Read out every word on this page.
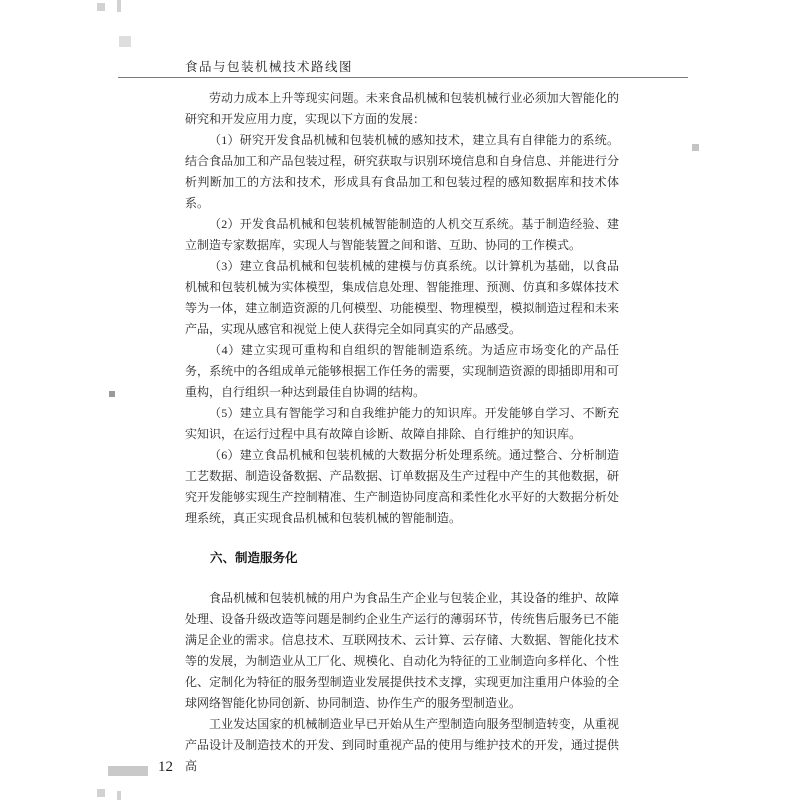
食品与包装机械技术路线图

劳动力成本上升等现实问题。未来食品机械和包装机械行业必须加大智能化的研究和开发应用力度，实现以下方面的发展：

（1）研究开发食品机械和包装机械的感知技术，建立具有自律能力的系统。结合食品加工和产品包装过程，研究获取与识别环境信息和自身信息、并能进行分析判断加工的方法和技术，形成具有食品加工和包装过程的感知数据库和技术体系。

（2）开发食品机械和包装机械智能制造的人机交互系统。基于制造经验、建立制造专家数据库，实现人与智能装置之间和谐、互助、协同的工作模式。

（3）建立食品机械和包装机械的建模与仿真系统。以计算机为基础，以食品机械和包装机械为实体模型，集成信息处理、智能推理、预测、仿真和多媒体技术等为一体，建立制造资源的几何模型、功能模型、物理模型，模拟制造过程和未来产品，实现从感官和视觉上使人获得完全如同真实的产品感受。

（4）建立实现可重构和自组织的智能制造系统。为适应市场变化的产品任务，系统中的各组成单元能够根据工作任务的需要，实现制造资源的即插即用和可重构，自行组织一种达到最佳自协调的结构。

（5）建立具有智能学习和自我维护能力的知识库。开发能够自学习、不断充实知识，在运行过程中具有故障自诊断、故障自排除、自行维护的知识库。

（6）建立食品机械和包装机械的大数据分析处理系统。通过整合、分析制造工艺数据、制造设备数据、产品数据、订单数据及生产过程中产生的其他数据，研究开发能够实现生产控制精准、生产制造协同度高和柔性化水平好的大数据分析处理系统，真正实现食品机械和包装机械的智能制造。

六、制造服务化

食品机械和包装机械的用户为食品生产企业与包装企业，其设备的维护、故障处理、设备升级改造等问题是制约企业生产运行的薄弱环节，传统售后服务已不能满足企业的需求。信息技术、互联网技术、云计算、云存储、大数据、智能化技术等的发展，为制造业从工厂化、规模化、自动化为特征的工业制造向多样化、个性化、定制化为特征的服务型制造业发展提供技术支撑，实现更加注重用户体验的全球网络智能化协同创新、协同制造、协作生产的服务型制造业。

工业发达国家的机械制造业早已开始从生产型制造向服务型制造转变，从重视产品设计及制造技术的开发、到同时重视产品的使用与维护技术的开发，通过提供高

12
